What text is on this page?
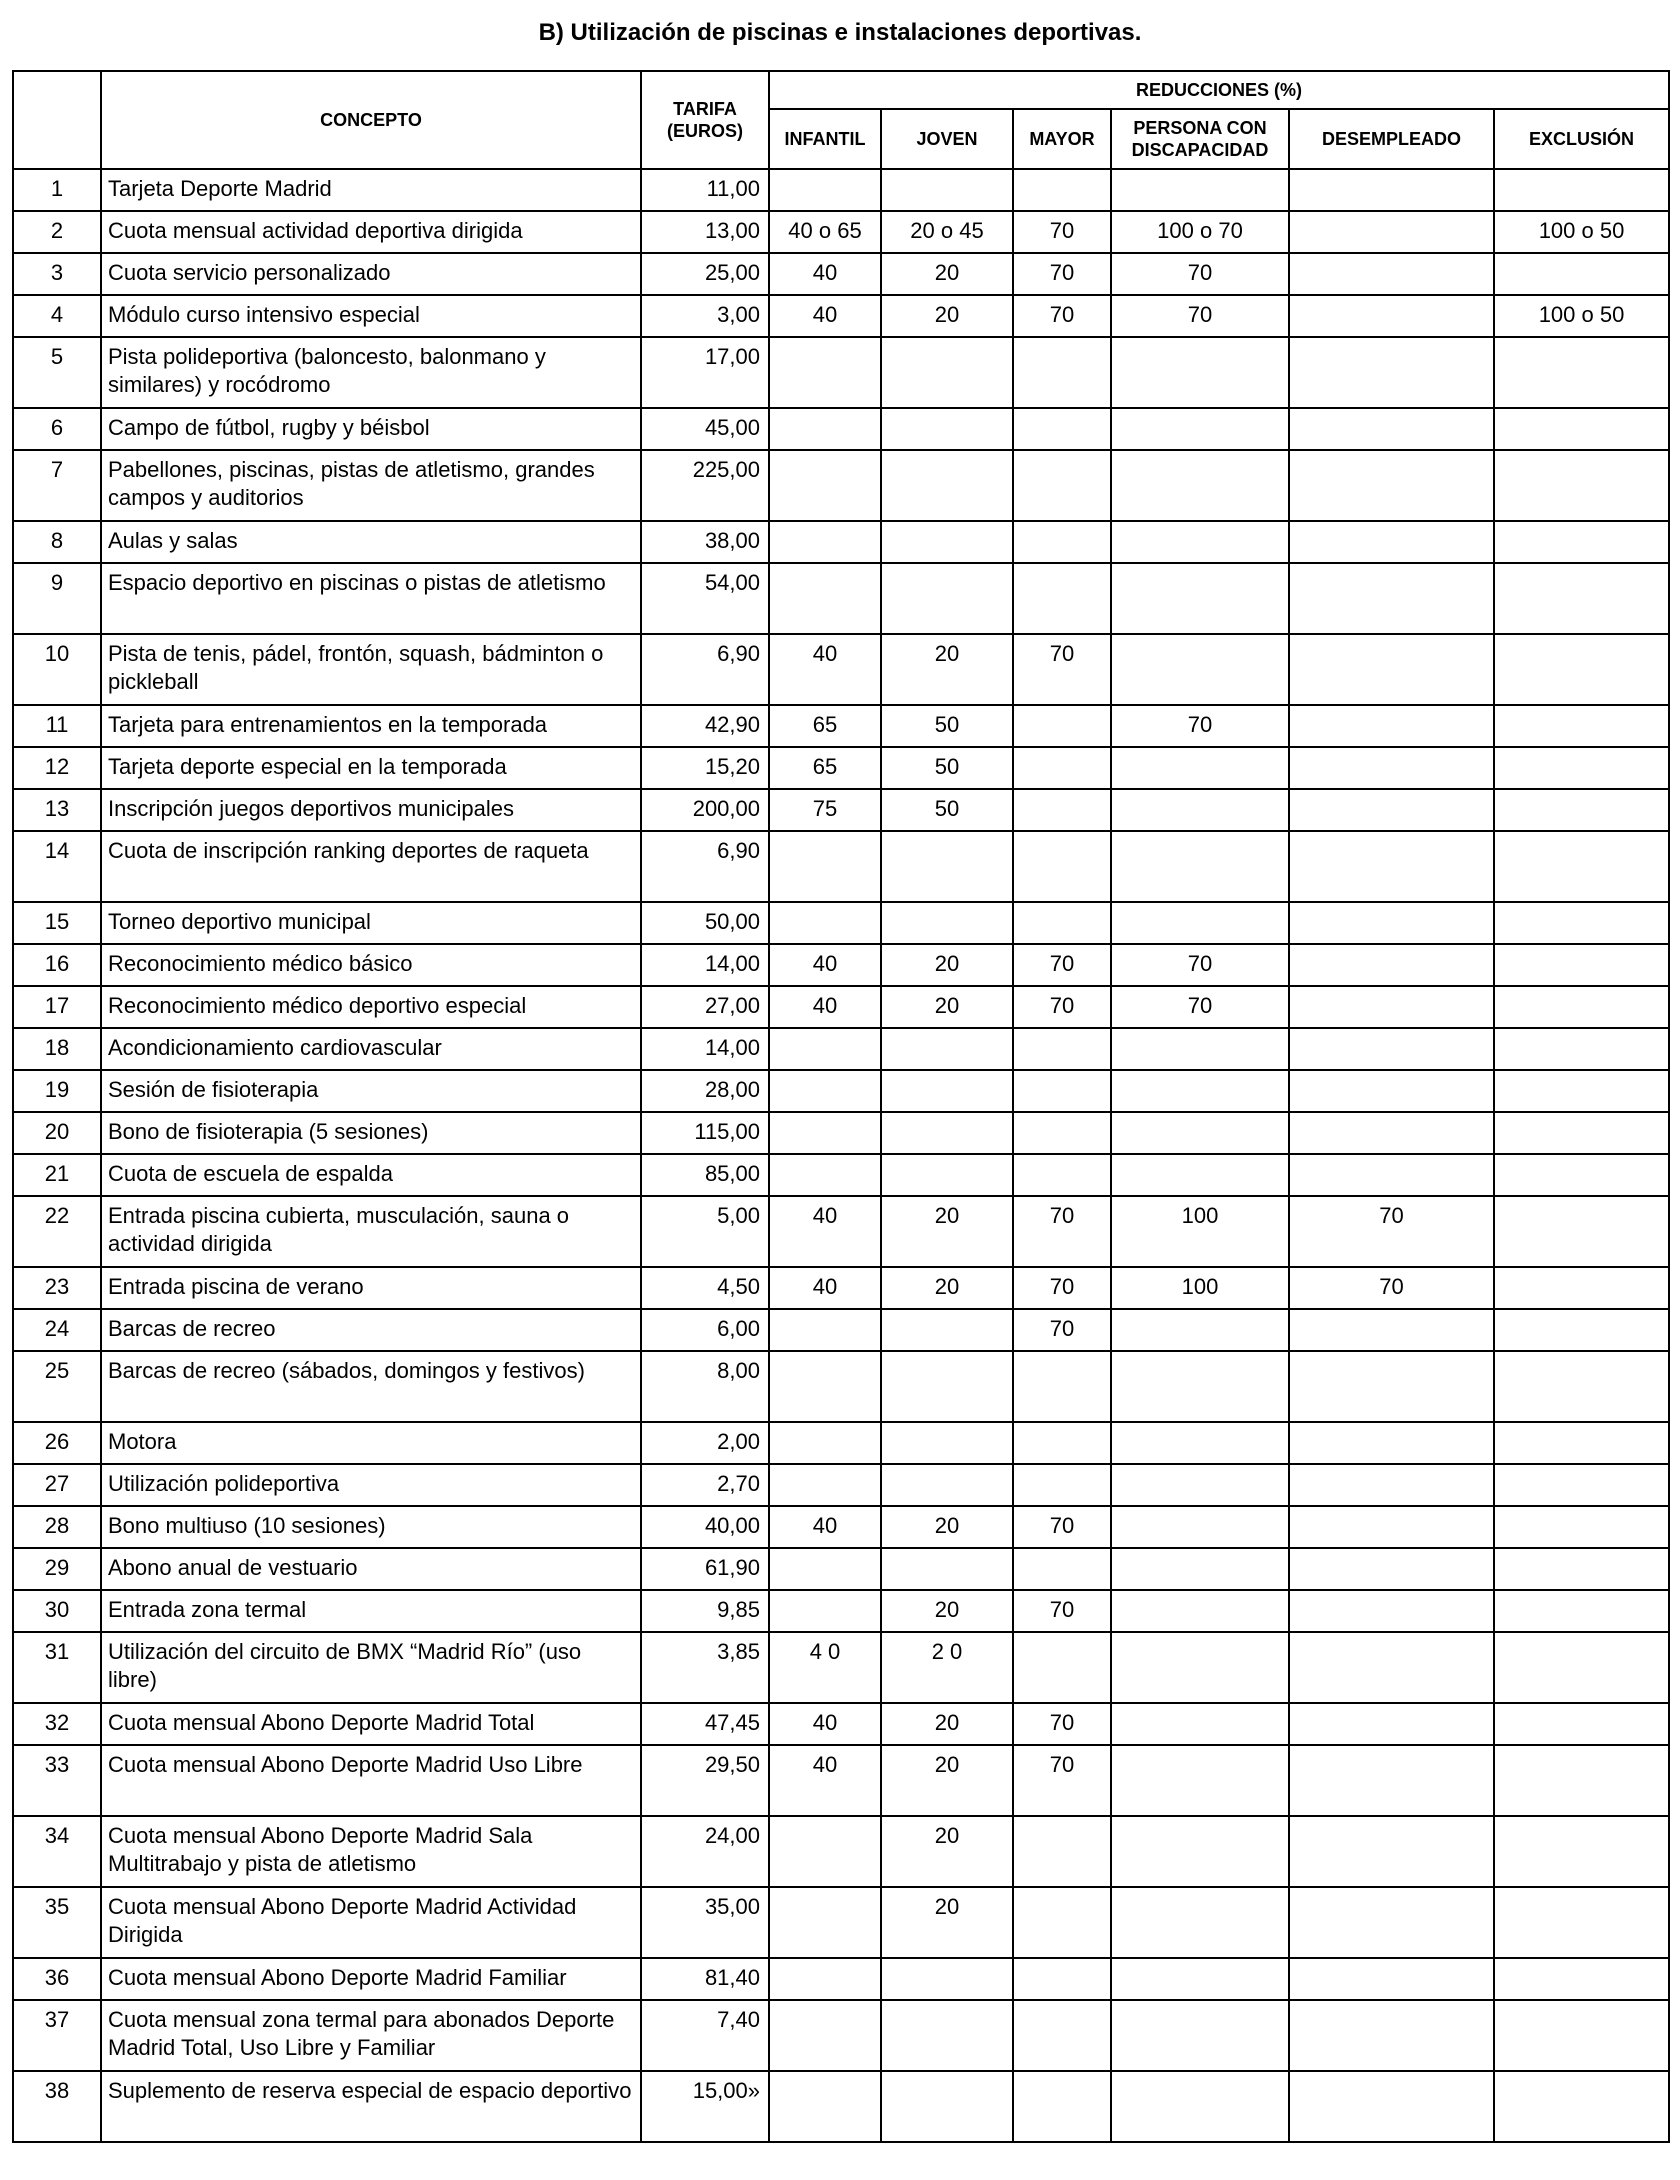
B) Utilización de piscinas e instalaciones deportivas.
	CONCEPTO	TARIFA (EUROS)	REDUCCIONES (%)					
			INFANTIL	JOVEN	MAYOR	PERSONA CON DISCAPACIDAD	DESEMPLEADO	EXCLUSIÓN
1	Tarjeta Deporte Madrid	11,00						
2	Cuota mensual actividad deportiva dirigida	13,00	40 o 65	20 o 45	70	100 o 70		100 o 50
3	Cuota servicio personalizado	25,00	40	20	70	70		
4	Módulo curso intensivo especial	3,00	40	20	70	70		100 o 50
5	Pista polideportiva (baloncesto, balonmano y similares) y rocódromo	17,00						
6	Campo de fútbol, rugby y béisbol	45,00						
7	Pabellones, piscinas, pistas de atletismo, grandes campos y auditorios	225,00						
8	Aulas y salas	38,00						
9	Espacio deportivo en piscinas o pistas de atletismo	54,00						
10	Pista de tenis, pádel, frontón, squash, bádminton o pickleball	6,90	40	20	70			
11	Tarjeta para entrenamientos en la temporada	42,90	65	50		70		
12	Tarjeta deporte especial en la temporada	15,20	65	50				
13	Inscripción juegos deportivos municipales	200,00	75	50				
14	Cuota de inscripción ranking deportes de raqueta	6,90						
15	Torneo deportivo municipal	50,00						
16	Reconocimiento médico básico	14,00	40	20	70	70		
17	Reconocimiento médico deportivo especial	27,00	40	20	70	70		
18	Acondicionamiento cardiovascular	14,00						
19	Sesión de fisioterapia	28,00						
20	Bono de fisioterapia (5 sesiones)	115,00						
21	Cuota de escuela de espalda	85,00						
22	Entrada piscina cubierta, musculación, sauna o actividad dirigida	5,00	40	20	70	100	70	
23	Entrada piscina de verano	4,50	40	20	70	100	70	
24	Barcas de recreo	6,00			70			
25	Barcas de recreo (sábados, domingos y festivos)	8,00						
26	Motora	2,00						
27	Utilización polideportiva	2,70						
28	Bono multiuso (10 sesiones)	40,00	40	20	70			
29	Abono anual de vestuario	61,90						
30	Entrada zona termal	9,85		20	70			
31	Utilización del circuito de BMX “Madrid Río” (uso libre)	3,85	4 0	2 0				
32	Cuota mensual Abono Deporte Madrid Total	47,45	40	20	70			
33	Cuota mensual Abono Deporte Madrid Uso Libre	29,50	40	20	70			
34	Cuota mensual Abono Deporte Madrid Sala Multitrabajo y pista de atletismo	24,00		20				
35	Cuota mensual Abono Deporte Madrid Actividad Dirigida	35,00		20				
36	Cuota mensual Abono Deporte Madrid Familiar	81,40						
37	Cuota mensual zona termal para abonados Deporte Madrid Total, Uso Libre y Familiar	7,40						
38	Suplemento de reserva especial de espacio deportivo	15,00»						
